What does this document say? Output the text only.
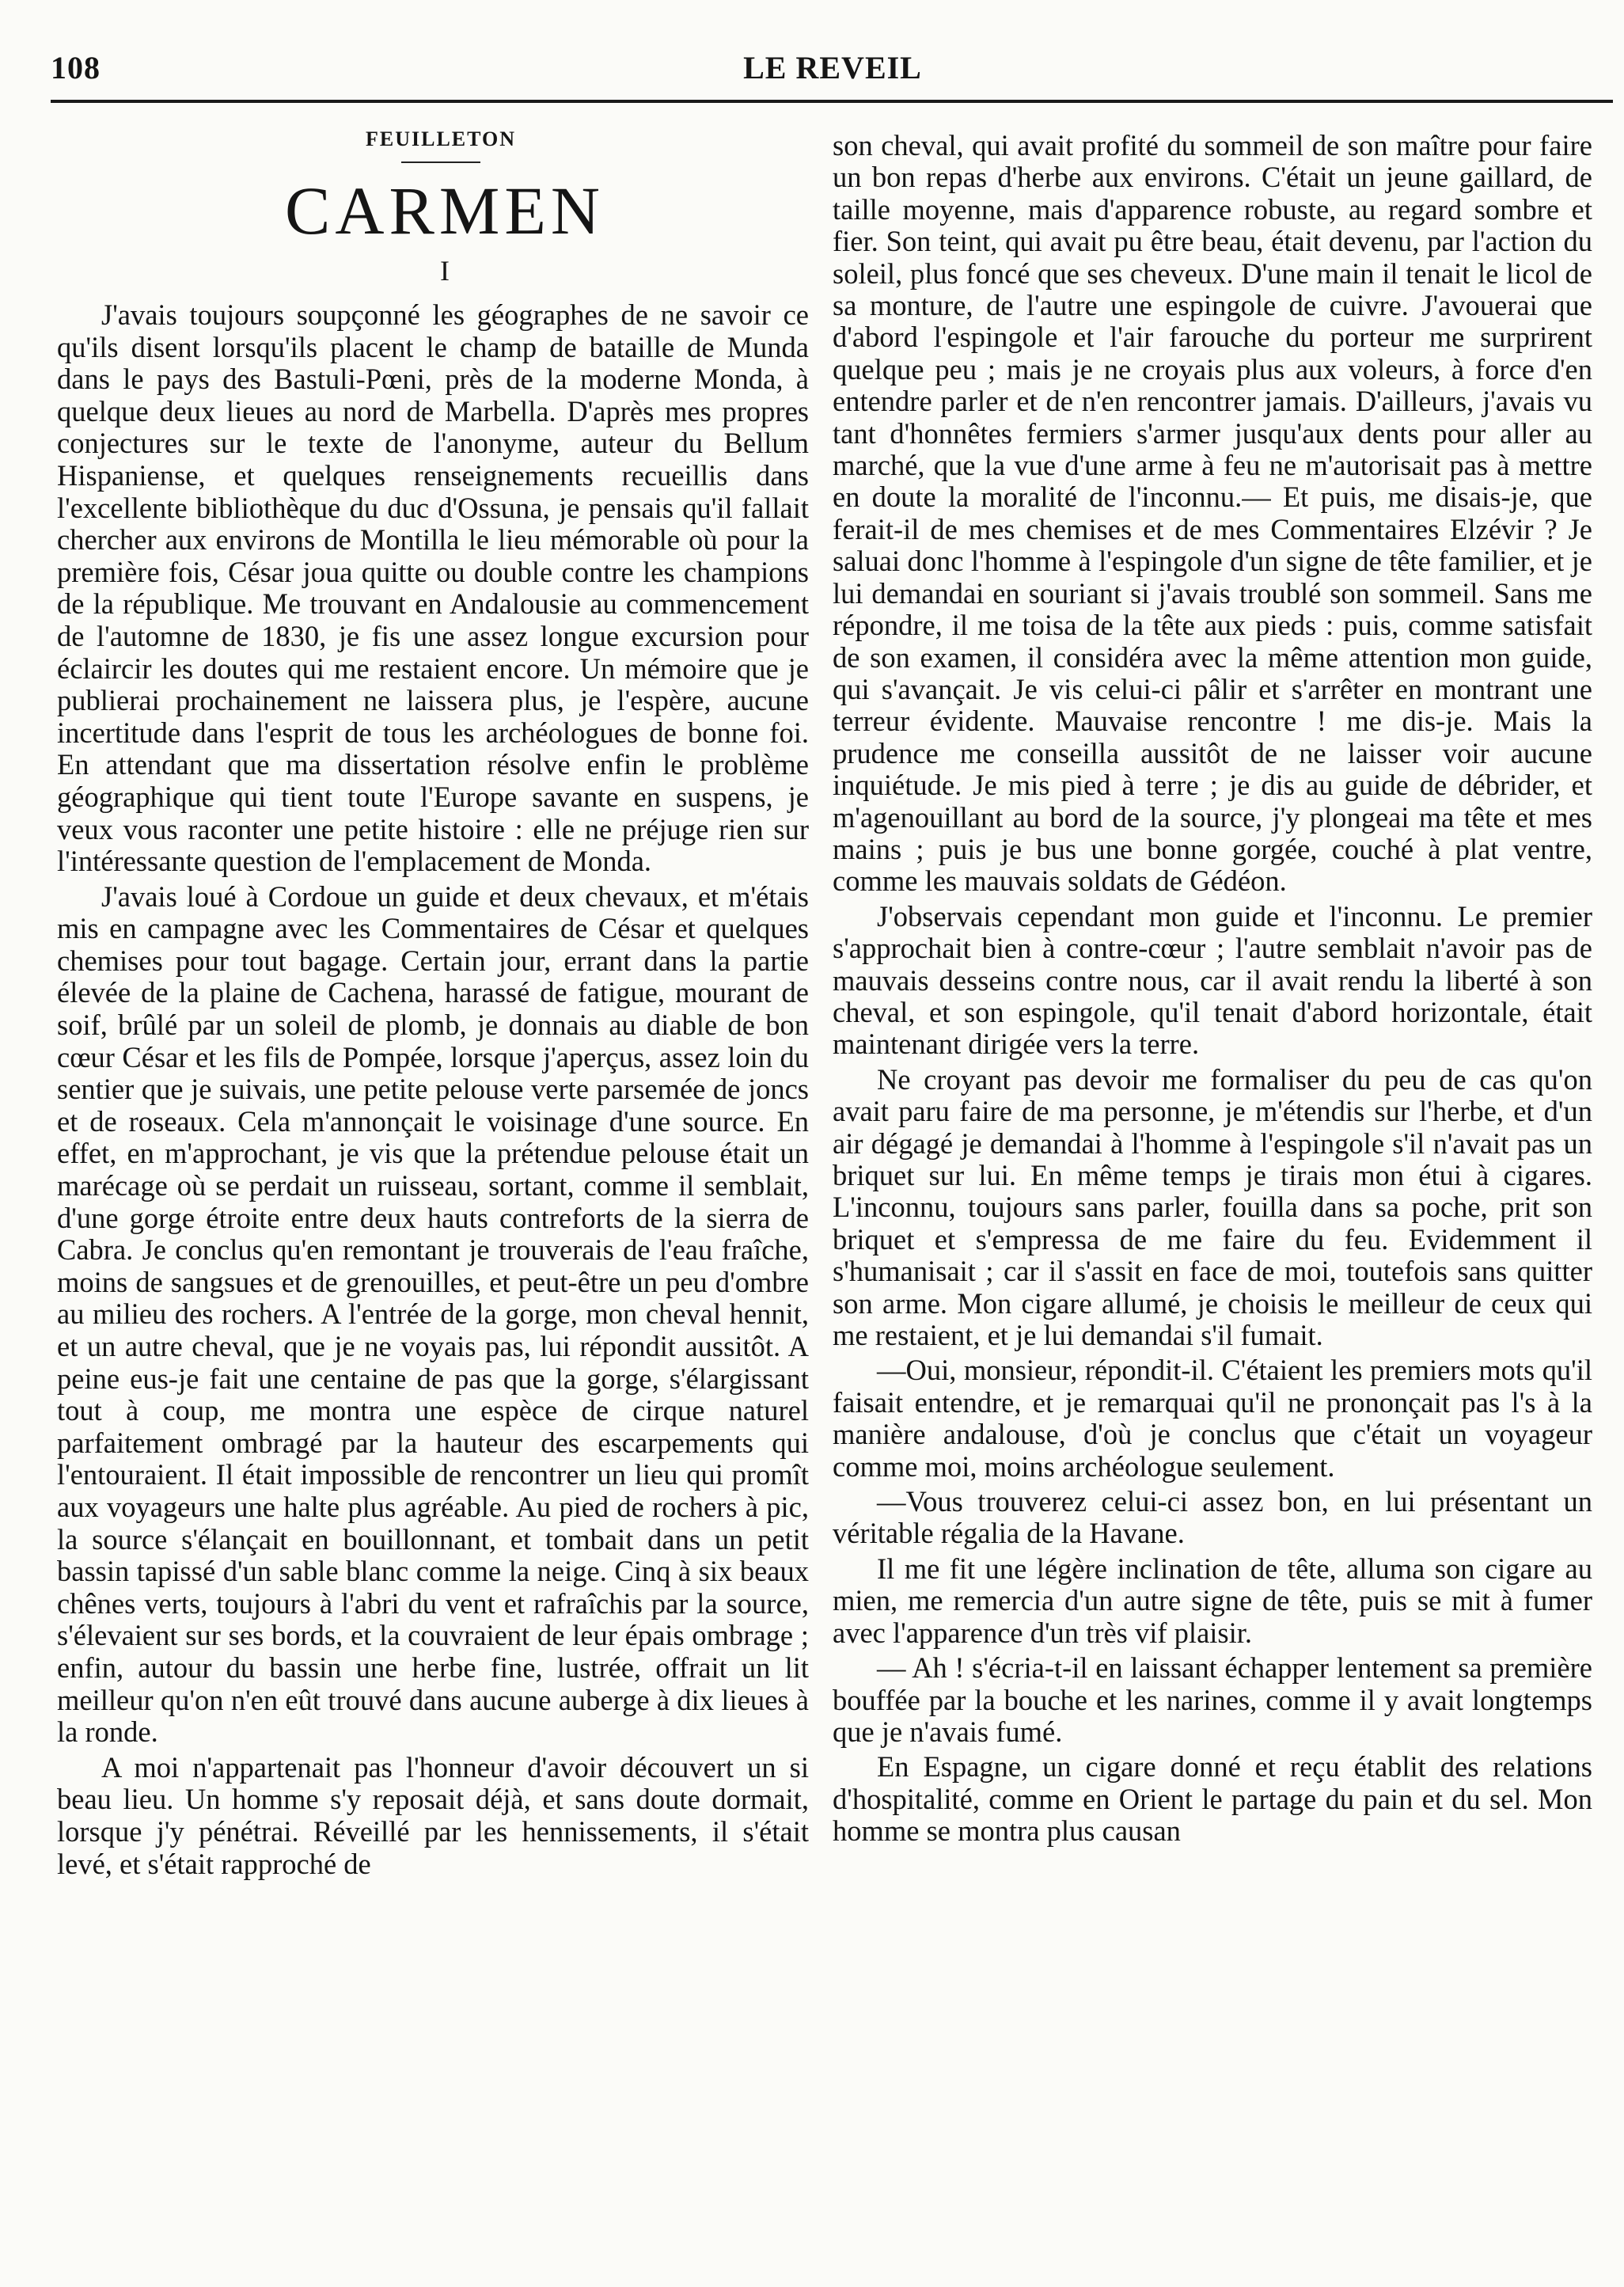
108	LE REVEIL
FEUILLETON
CARMEN
I

J'avais toujours soupçonné les géographes de ne savoir ce qu'ils disent lorsqu'ils placent le champ de bataille de Munda dans le pays des Bastuli-Pœni, près de la moderne Monda, à quelque deux lieues au nord de Marbella. D'après mes propres conjectures sur le texte de l'anonyme, auteur du Bellum Hispaniense, et quelques renseignements recueillis dans l'excellente bibliothèque du duc d'Ossuna, je pensais qu'il fallait chercher aux environs de Montilla le lieu mémorable où pour la première fois, César joua quitte ou double contre les champions de la république. Me trouvant en Andalousie au commencement de l'automne de 1830, je fis une assez longue excursion pour éclaircir les doutes qui me restaient encore. Un mémoire que je publierai prochainement ne laissera plus, je l'espère, aucune incertitude dans l'esprit de tous les archéologues de bonne foi. En attendant que ma dissertation résolve enfin le problème géographique qui tient toute l'Europe savante en suspens, je veux vous raconter une petite histoire : elle ne préjuge rien sur l'intéressante question de l'emplacement de Monda.

J'avais loué à Cordoue un guide et deux chevaux, et m'étais mis en campagne avec les Commentaires de César et quelques chemises pour tout bagage. Certain jour, errant dans la partie élevée de la plaine de Cachena, harassé de fatigue, mourant de soif, brûlé par un soleil de plomb, je donnais au diable de bon cœur César et les fils de Pompée, lorsque j'aperçus, assez loin du sentier que je suivais, une petite pelouse verte parsemée de joncs et de roseaux. Cela m'annonçait le voisinage d'une source. En effet, en m'approchant, je vis que la prétendue pelouse était un marécage où se perdait un ruisseau, sortant, comme il semblait, d'une gorge étroite entre deux hauts contreforts de la sierra de Cabra. Je conclus qu'en remontant je trouverais de l'eau fraîche, moins de sangsues et de grenouilles, et peut-être un peu d'ombre au milieu des rochers. A l'entrée de la gorge, mon cheval hennit, et un autre cheval, que je ne voyais pas, lui répondit aussitôt. A peine eus-je fait une centaine de pas que la gorge, s'élargissant tout à coup, me montra une espèce de cirque naturel parfaitement ombragé par la hauteur des escarpements qui l'entouraient. Il était impossible de rencontrer un lieu qui promît aux voyageurs une halte plus agréable. Au pied de rochers à pic, la source s'élançait en bouillonnant, et tombait dans un petit bassin tapissé d'un sable blanc comme la neige. Cinq à six beaux chênes verts, toujours à l'abri du vent et rafraîchis par la source, s'élevaient sur ses bords, et la couvraient de leur épais ombrage ; enfin, autour du bassin une herbe fine, lustrée, offrait un lit meilleur qu'on n'en eût trouvé dans aucune auberge à dix lieues à la ronde.

A moi n'appartenait pas l'honneur d'avoir découvert un si beau lieu. Un homme s'y reposait déjà, et sans doute dormait, lorsque j'y pénétrai. Réveillé par les hennissements, il s'était levé, et s'était rapproché de

son cheval, qui avait profité du sommeil de son maître pour faire un bon repas d'herbe aux environs. C'était un jeune gaillard, de taille moyenne, mais d'apparence robuste, au regard sombre et fier. Son teint, qui avait pu être beau, était devenu, par l'action du soleil, plus foncé que ses cheveux. D'une main il tenait le licol de sa monture, de l'autre une espingole de cuivre. J'avouerai que d'abord l'espingole et l'air farouche du porteur me surprirent quelque peu ; mais je ne croyais plus aux voleurs, à force d'en entendre parler et de n'en rencontrer jamais. D'ailleurs, j'avais vu tant d'honnêtes fermiers s'armer jusqu'aux dents pour aller au marché, que la vue d'une arme à feu ne m'autorisait pas à mettre en doute la moralité de l'inconnu.— Et puis, me disais-je, que ferait-il de mes chemises et de mes Commentaires Elzévir ? Je saluai donc l'homme à l'espingole d'un signe de tête familier, et je lui demandai en souriant si j'avais troublé son sommeil. Sans me répondre, il me toisa de la tête aux pieds : puis, comme satisfait de son examen, il considéra avec la même attention mon guide, qui s'avançait. Je vis celui-ci pâlir et s'arrêter en montrant une terreur évidente. Mauvaise rencontre ! me dis-je. Mais la prudence me conseilla aussitôt de ne laisser voir aucune inquiétude. Je mis pied à terre ; je dis au guide de débrider, et m'agenouillant au bord de la source, j'y plongeai ma tête et mes mains ; puis je bus une bonne gorgée, couché à plat ventre, comme les mauvais soldats de Gédéon.

J'observais cependant mon guide et l'inconnu. Le premier s'approchait bien à contre-cœur ; l'autre semblait n'avoir pas de mauvais desseins contre nous, car il avait rendu la liberté à son cheval, et son espingole, qu'il tenait d'abord horizontale, était maintenant dirigée vers la terre.

Ne croyant pas devoir me formaliser du peu de cas qu'on avait paru faire de ma personne, je m'étendis sur l'herbe, et d'un air dégagé je demandai à l'homme à l'espingole s'il n'avait pas un briquet sur lui. En même temps je tirais mon étui à cigares. L'inconnu, toujours sans parler, fouilla dans sa poche, prit son briquet et s'empressa de me faire du feu. Evidemment il s'humanisait ; car il s'assit en face de moi, toutefois sans quitter son arme. Mon cigare allumé, je choisis le meilleur de ceux qui me restaient, et je lui demandai s'il fumait.

—Oui, monsieur, répondit-il. C'étaient les premiers mots qu'il faisait entendre, et je remarquai qu'il ne prononçait pas l's à la manière andalouse, d'où je conclus que c'était un voyageur comme moi, moins archéologue seulement.

—Vous trouverez celui-ci assez bon, en lui présentant un véritable régalia de la Havane.

Il me fit une légère inclination de tête, alluma son cigare au mien, me remercia d'un autre signe de tête, puis se mit à fumer avec l'apparence d'un très vif plaisir.

— Ah ! s'écria-t-il en laissant échapper lentement sa première bouffée par la bouche et les narines, comme il y avait longtemps que je n'avais fumé.

En Espagne, un cigare donné et reçu établit des relations d'hospitalité, comme en Orient le partage du pain et du sel. Mon homme se montra plus causan
